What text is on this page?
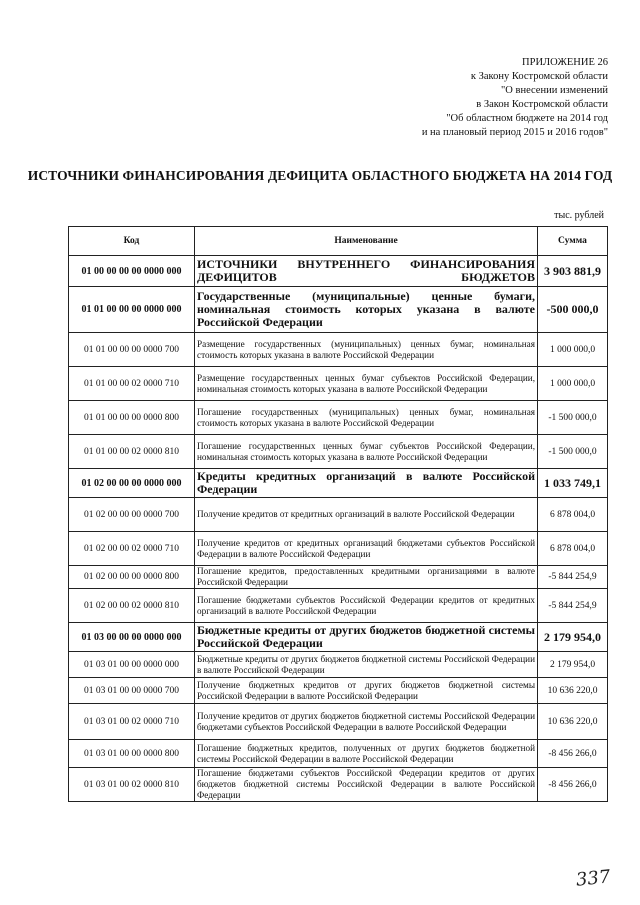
ПРИЛОЖЕНИЕ 26
к Закону Костромской области
"О внесении изменений
в Закон Костромской области
"Об областном бюджете на 2014 год
и на плановый период 2015 и 2016 годов"
ИСТОЧНИКИ ФИНАНСИРОВАНИЯ ДЕФИЦИТА ОБЛАСТНОГО БЮДЖЕТА НА 2014 ГОД
тыс. рублей
Код	Наименование	Сумма
01 00 00 00 00 0000 000	ИСТОЧНИКИ ВНУТРЕННЕГО ФИНАНСИРОВАНИЯ ДЕФИЦИТОВ БЮДЖЕТОВ	3 903 881,9
01 01 00 00 00 0000 000	Государственные (муниципальные) ценные бумаги, номинальная стоимость которых указана в валюте Российской Федерации	-500 000,0
01 01 00 00 00 0000 700	Размещение государственных (муниципальных) ценных бумаг, номинальная стоимость которых указана в валюте Российской Федерации	1 000 000,0
01 01 00 00 02 0000 710	Размещение государственных ценных бумаг субъектов Российской Федерации, номинальная стоимость которых указана в валюте Российской Федерации	1 000 000,0
01 01 00 00 00 0000 800	Погашение государственных (муниципальных) ценных бумаг, номинальная стоимость которых указана в валюте Российской Федерации	-1 500 000,0
01 01 00 00 02 0000 810	Погашение государственных ценных бумаг субъектов Российской Федерации, номинальная стоимость которых указана в валюте Российской Федерации	-1 500 000,0
01 02 00 00 00 0000 000	Кредиты кредитных организаций в валюте Российской Федерации	1 033 749,1
01 02 00 00 00 0000 700	Получение кредитов от кредитных организаций в валюте Российской Федерации	6 878 004,0
01 02 00 00 02 0000 710	Получение кредитов от кредитных организаций бюджетами субъектов Российской Федерации в валюте Российской Федерации	6 878 004,0
01 02 00 00 00 0000 800	Погашение кредитов, предоставленных кредитными организациями в валюте Российской Федерации	-5 844 254,9
01 02 00 00 02 0000 810	Погашение бюджетами субъектов Российской Федерации кредитов от кредитных организаций в валюте Российской Федерации	-5 844 254,9
01 03 00 00 00 0000 000	Бюджетные кредиты от других бюджетов бюджетной системы Российской Федерации	2 179 954,0
01 03 01 00 00 0000 000	Бюджетные кредиты от других бюджетов бюджетной системы Российской Федерации в валюте Российской Федерации	2 179 954,0
01 03 01 00 00 0000 700	Получение бюджетных кредитов от других бюджетов бюджетной системы Российской Федерации в валюте Российской Федерации	10 636 220,0
01 03 01 00 02 0000 710	Получение кредитов от других бюджетов бюджетной системы Российской Федерации бюджетами субъектов Российской Федерации в валюте Российской Федерации	10 636 220,0
01 03 01 00 00 0000 800	Погашение бюджетных кредитов, полученных от других бюджетов бюджетной системы Российской Федерации в валюте Российской Федерации	-8 456 266,0
01 03 01 00 02 0000 810	Погашение бюджетами субъектов Российской Федерации кредитов от других бюджетов бюджетной системы Российской Федерации в валюте Российской Федерации	-8 456 266,0
337
